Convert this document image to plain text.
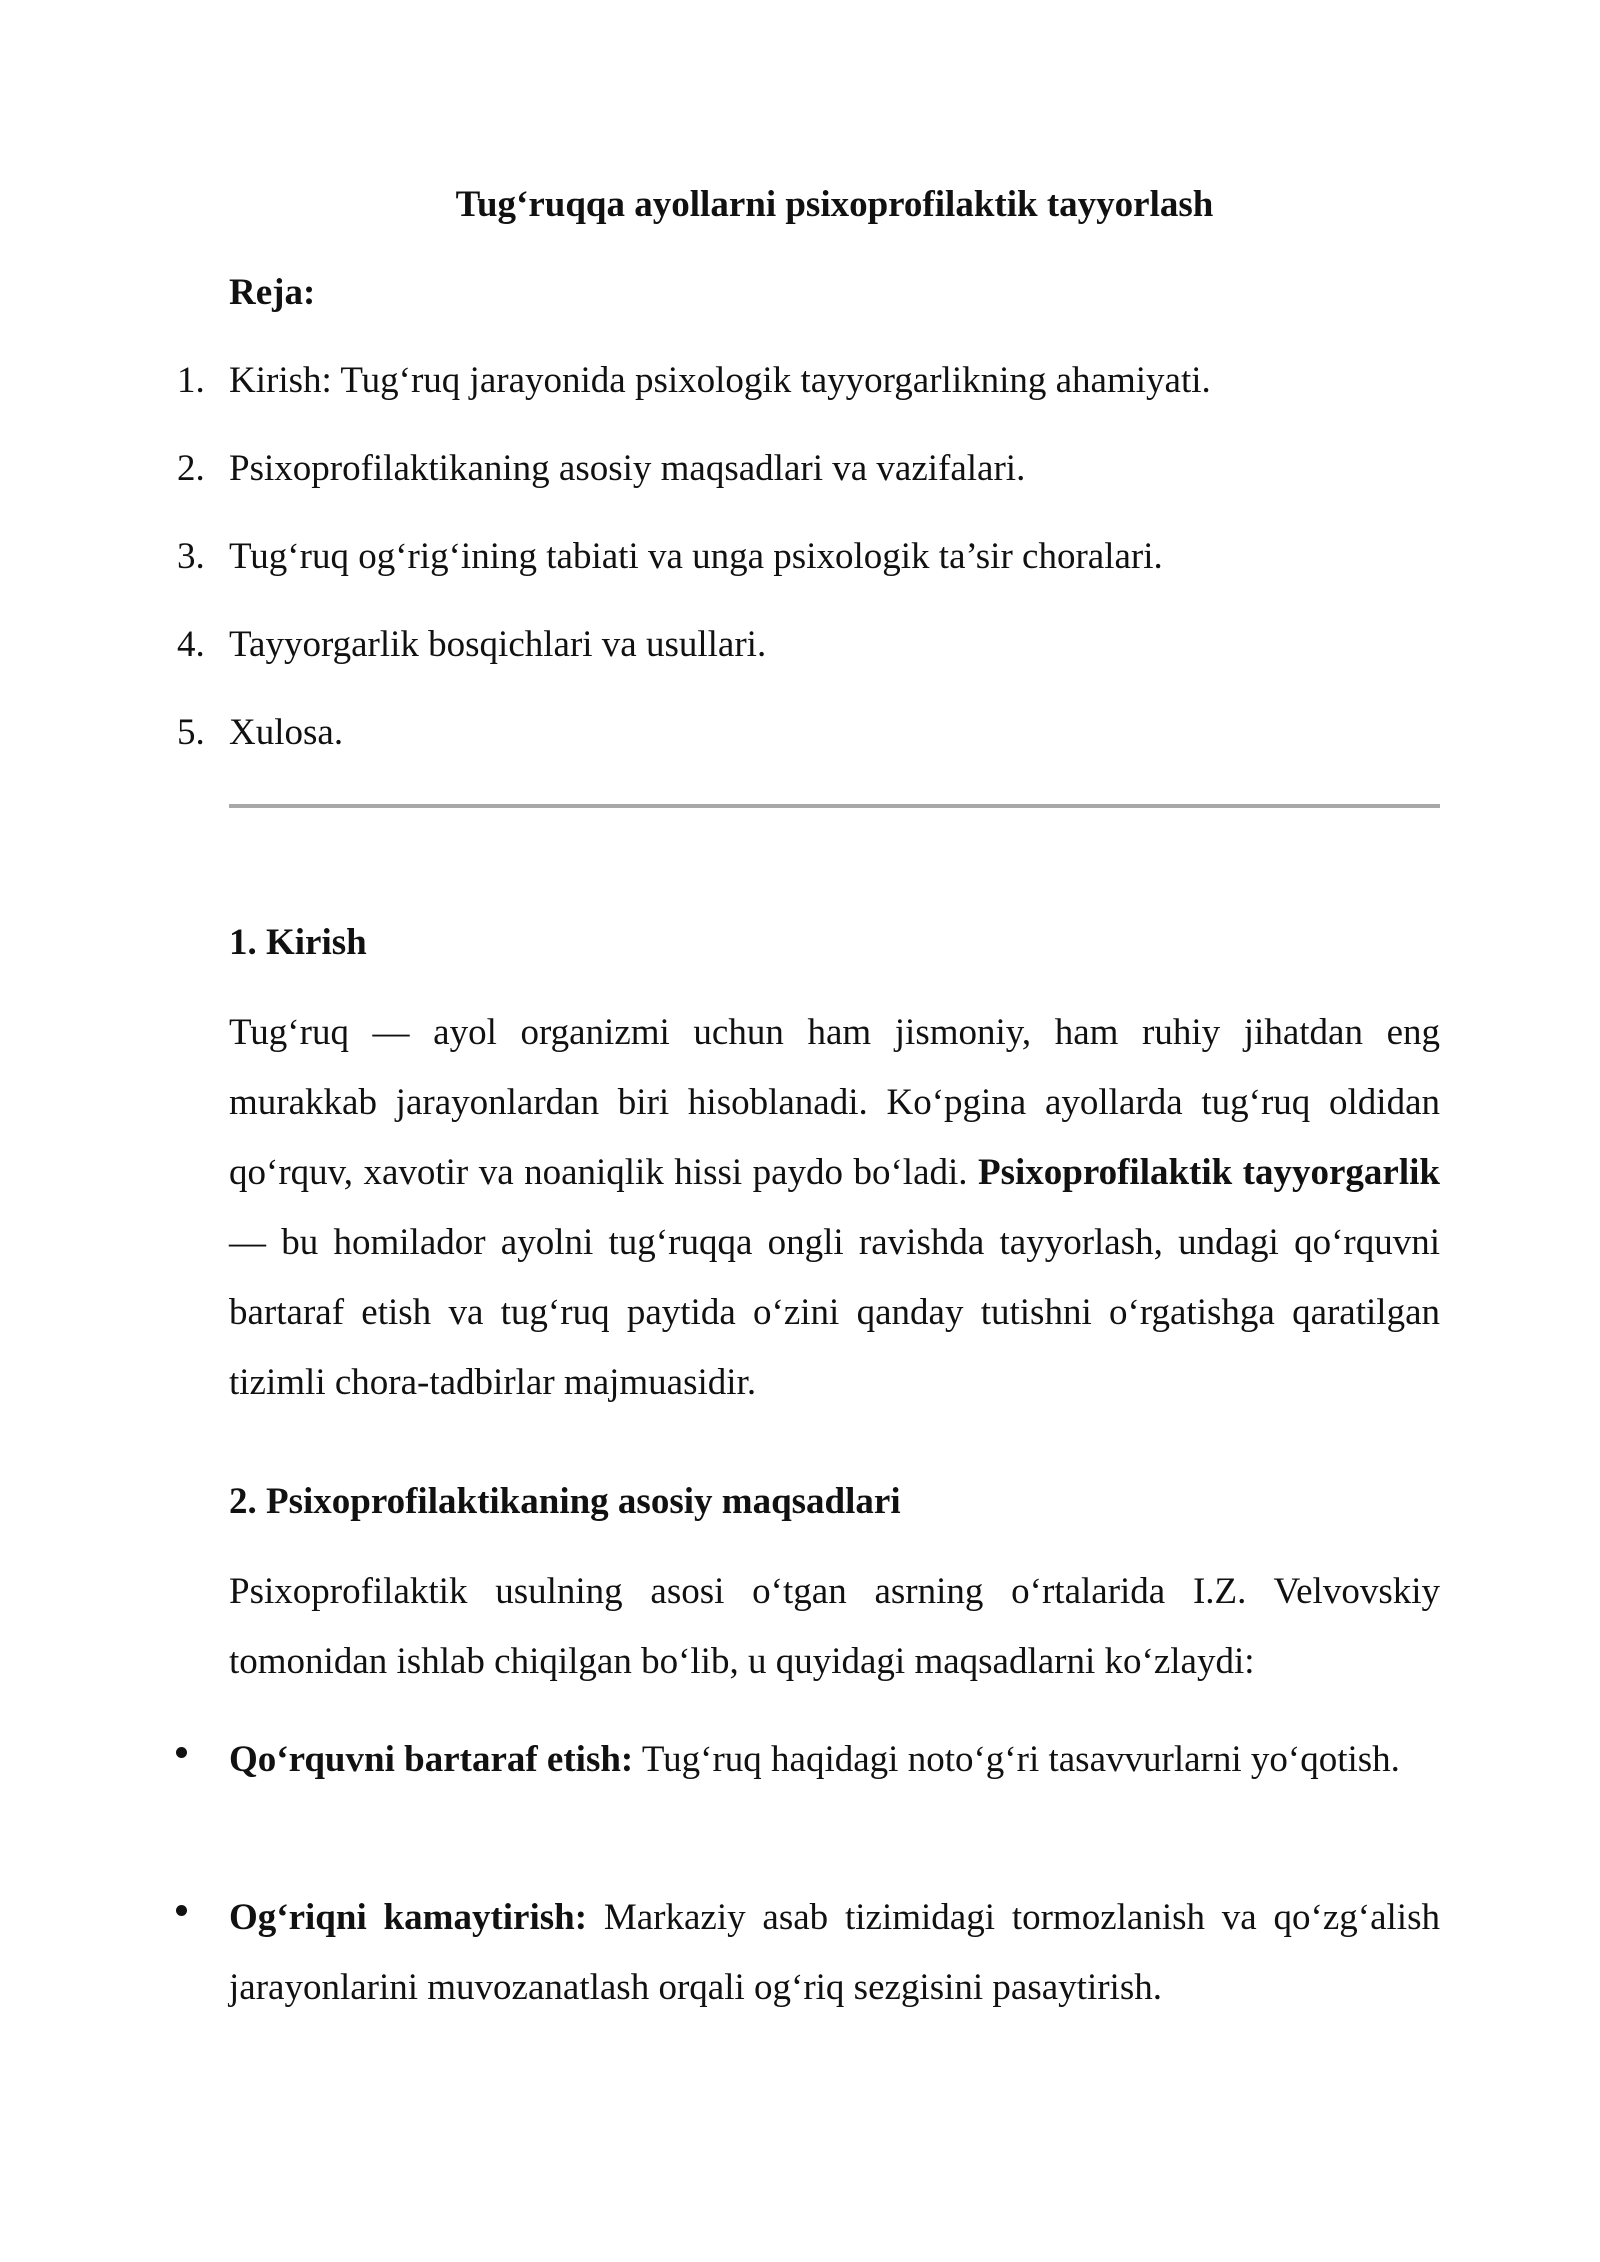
Tug‘ruqqa ayollarni psixoprofilaktik tayyorlash
Reja:
1. Kirish: Tug‘ruq jarayonida psixologik tayyorgarlikning ahamiyati.
2. Psixoprofilaktikaning asosiy maqsadlari va vazifalari.
3. Tug‘ruq og‘rig‘ining tabiati va unga psixologik ta’sir choralari.
4. Tayyorgarlik bosqichlari va usullari.
5. Xulosa.
1. Kirish
Tug‘ruq — ayol organizmi uchun ham jismoniy, ham ruhiy jihatdan eng murakkab jarayonlardan biri hisoblanadi. Ko‘pgina ayollarda tug‘ruq oldidan qo‘rquv, xavotir va noaniqlik hissi paydo bo‘ladi. Psixoprofilaktik tayyorgarlik — bu homilador ayolni tug‘ruqqa ongli ravishda tayyorlash, undagi qo‘rquvni bartaraf etish va tug‘ruq paytida o‘zini qanday tutishni o‘rgatishga qaratilgan tizimli chora-tadbirlar majmuasidir.
2. Psixoprofilaktikaning asosiy maqsadlari
Psixoprofilaktik usulning asosi o‘tgan asrning o‘rtalarida I.Z. Velvovskiy tomonidan ishlab chiqilgan bo‘lib, u quyidagi maqsadlarni ko‘zlaydi:
Qo‘rquvni bartaraf etish: Tug‘ruq haqidagi noto‘g‘ri tasavvurlarni yo‘qotish.
Og‘riqni kamaytirish: Markaziy asab tizimidagi tormozlanish va qo‘zg‘alish jarayonlarini muvozanatlash orqali og‘riq sezgisini pasaytirish.
